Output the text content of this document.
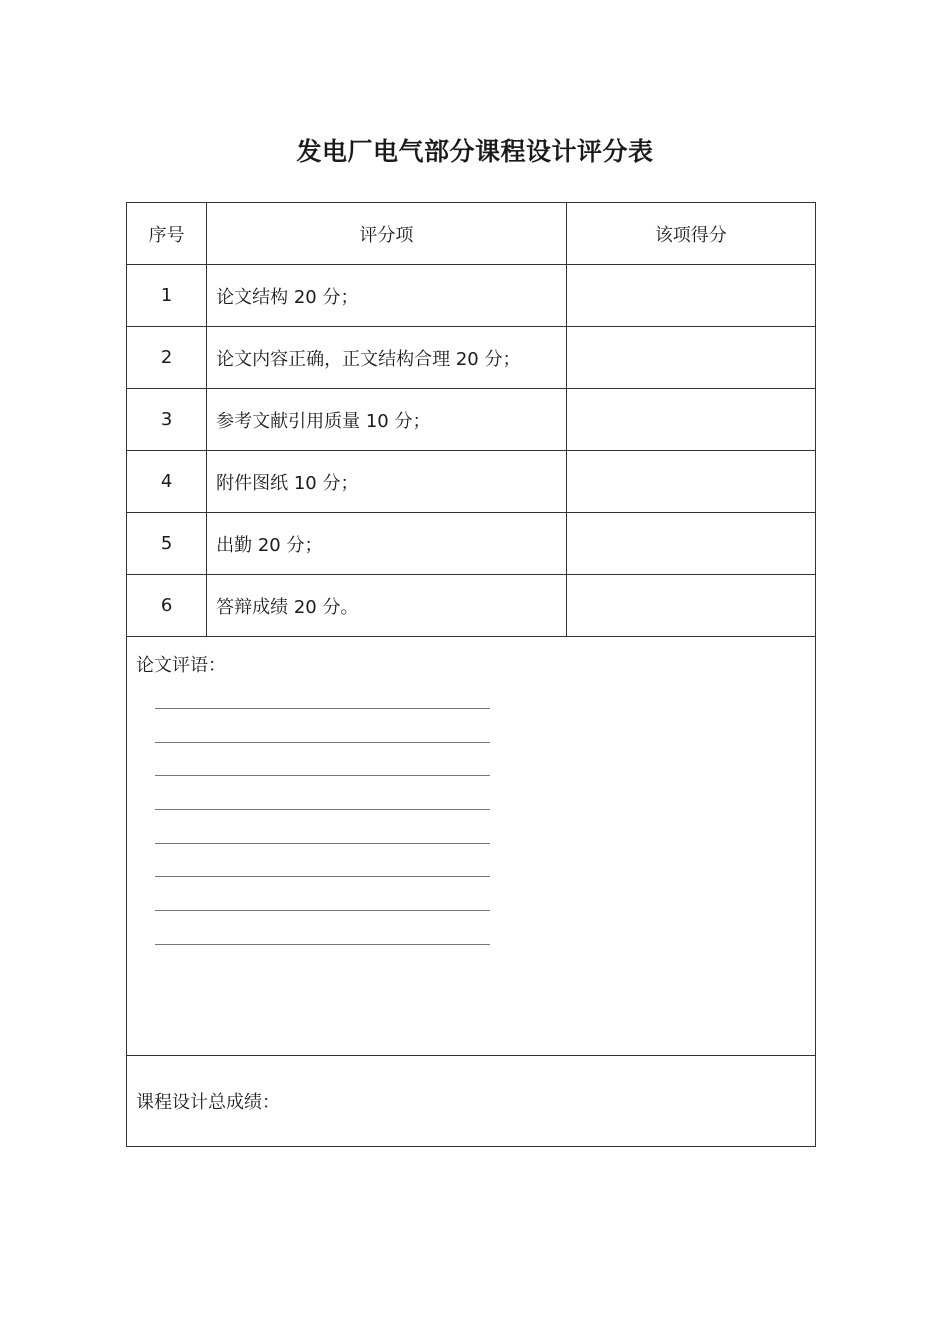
发电厂电气部分课程设计评分表
序号	评分项	该项得分
1	论文结构 20 分；	
2	论文内容正确，正文结构合理 20 分；	
3	参考文献引用质量 10 分；	
4	附件图纸 10 分；	
5	出勤 20 分；	
6	答辩成绩 20 分。	

论文评语：		

课程设计总成绩：		
